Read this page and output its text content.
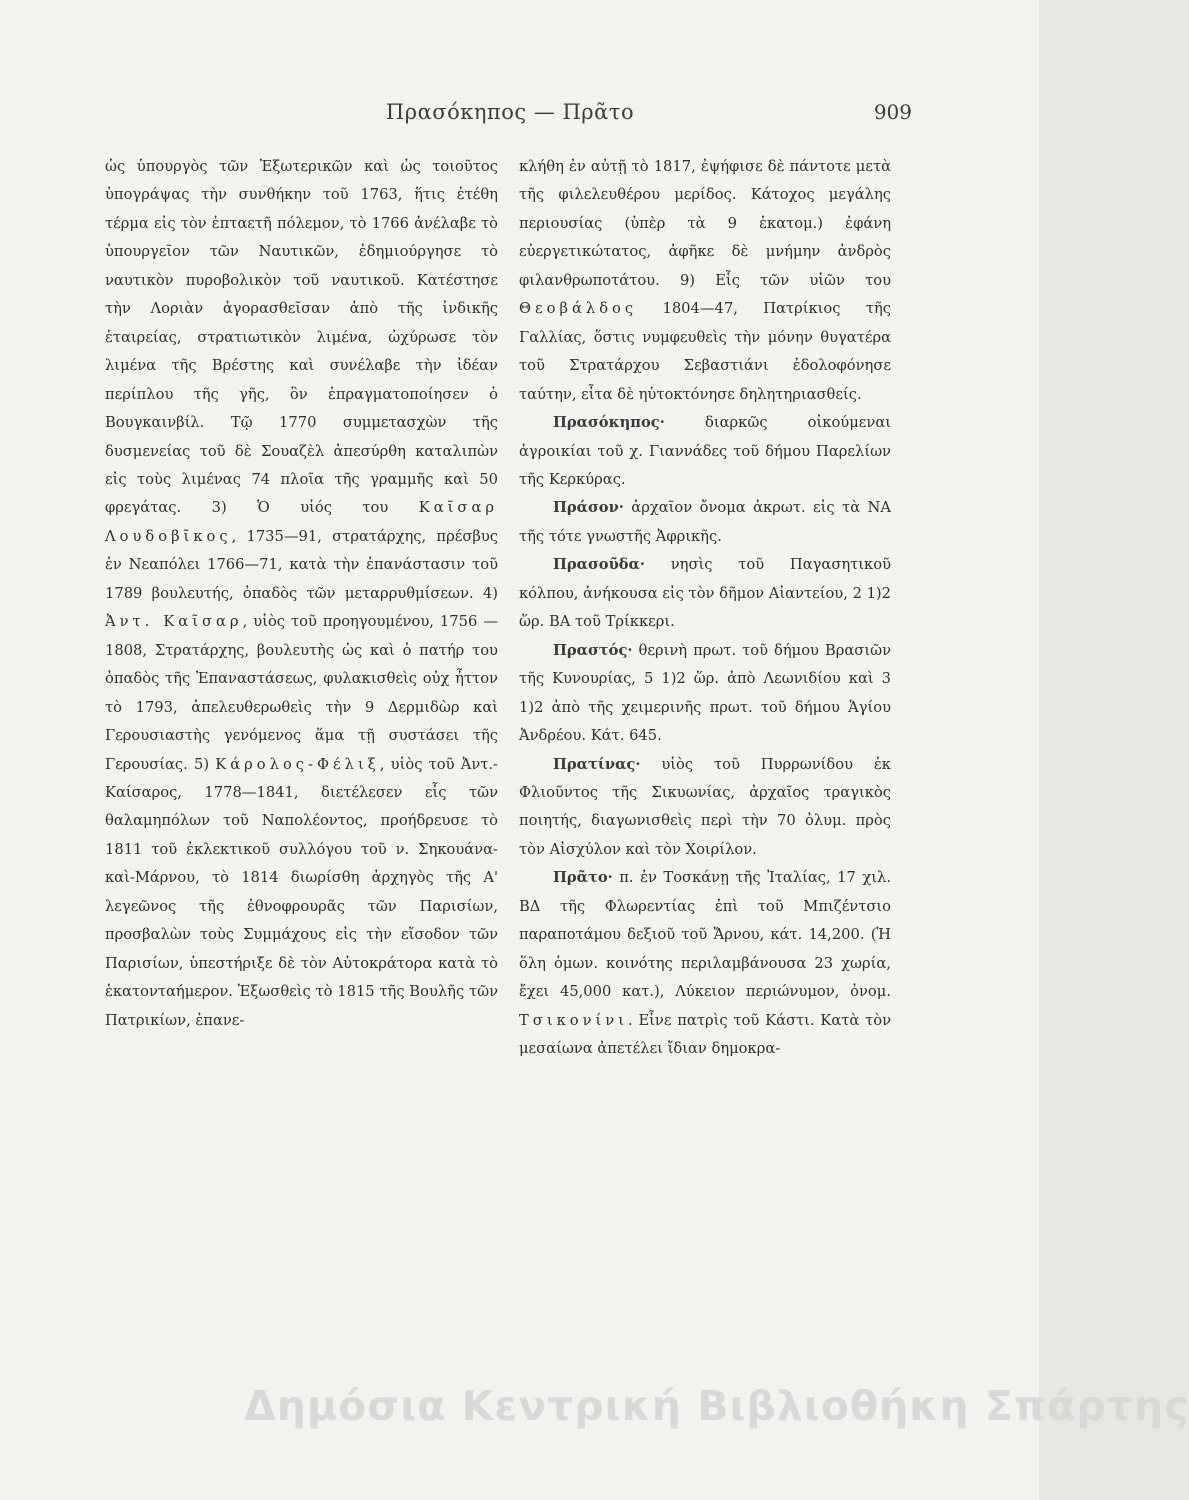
Πρασόκηπος — Πρᾶτο	909

ὡς ὑπουργὸς τῶν Ἐξωτερικῶν καὶ ὡς τοιοῦτος ὑπογράψας τὴν συνθήκην τοῦ 1763, ἥτις ἐτέθη τέρμα εἰς τὸν ἑπταετῆ πόλεμον, τὸ 1766 ἀνέλαβε τὸ ὑπουργεῖον τῶν Ναυτικῶν, ἐδημιούργησε τὸ ναυτικὸν πυροβολικὸν τοῦ ναυτικοῦ. Κατέστησε τὴν Λοριὰν ἀγορασθεῖσαν ἀπὸ τῆς ἰνδικῆς ἑταιρείας, στρατιωτικὸν λιμένα, ὠχύρωσε τὸν λιμένα τῆς Βρέστης καὶ συνέλαβε τὴν ἰδέαν περίπλου τῆς γῆς, ὃν ἐπραγματοποίησεν ὁ Βουγκαινβίλ. Τῷ 1770 συμμετασχὼν τῆς δυσμενείας τοῦ δὲ Σουαζὲλ ἀπεσύρθη καταλιπὼν εἰς τοὺς λιμένας 74 πλοῖα τῆς γραμμῆς καὶ 50 φρεγάτας. 3) Ὁ υἱός του Καῖσαρ Λουδοβῖκος, 1735—91, στρατάρχης, πρέσβυς ἐν Νεαπόλει 1766—71, κατὰ τὴν ἐπανάστασιν τοῦ 1789 βουλευτής, ὀπαδὸς τῶν μεταρρυθμίσεων. 4) Ἀντ. Καῖσαρ, υἱὸς τοῦ προηγουμένου, 1756 — 1808, Στρατάρχης, βουλευτὴς ὡς καὶ ὁ πατήρ του ὀπαδὸς τῆς Ἐπαναστάσεως, φυλακισθεὶς οὐχ ἧττον τὸ 1793, ἀπελευθερωθεὶς τὴν 9 Δερμιδὼρ καὶ Γερουσιαστὴς γενόμενος ἅμα τῇ συστάσει τῆς Γερουσίας. 5) Κάρολος-Φέλιξ, υἱὸς τοῦ Ἀντ.-Καίσαρος, 1778—1841, διετέλεσεν εἷς τῶν θαλαμηπόλων τοῦ Ναπολέοντος, προήδρευσε τὸ 1811 τοῦ ἐκλεκτικοῦ συλλόγου τοῦ ν. Σηκουάνα-καὶ-Μάρνου, τὸ 1814 διωρίσθη ἀρχηγὸς τῆς Α' λεγεῶνος τῆς ἐθνοφρουρᾶς τῶν Παρισίων, προσβαλὼν τοὺς Συμμάχους εἰς τὴν εἴσοδον τῶν Παρισίων, ὑπεστήριξε δὲ τὸν Αὐτοκράτορα κατὰ τὸ ἑκατονταήμερον. Ἐξωσθεὶς τὸ 1815 τῆς Βουλῆς τῶν Πατρικίων, ἐπανε-

κλήθη ἐν αὐτῇ τὸ 1817, ἐψήφισε δὲ πάντοτε μετὰ τῆς φιλελευθέρου μερίδος. Κάτοχος μεγάλης περιουσίας (ὑπὲρ τὰ 9 ἑκατομ.) ἐφάνη εὐεργετικώτατος, ἀφῆκε δὲ μνήμην ἀνδρὸς φιλανθρωποτάτου. 9) Εἷς τῶν υἱῶν του Θεοβάλδος 1804—47, Πατρίκιος τῆς Γαλλίας, ὅστις νυμφευθεὶς τὴν μόνην θυγατέρα τοῦ Στρατάρχου Σεβαστιάνι ἐδολοφόνησε ταύτην, εἶτα δὲ ηὐτοκτόνησε δηλητηριασθείς.

Πρασόκηπος· διαρκῶς οἰκούμεναι ἀγροικίαι τοῦ χ. Γιαννάδες τοῦ δήμου Παρελίων τῆς Κερκύρας.

Πράσον· ἀρχαῖον ὄνομα ἀκρωτ. εἰς τὰ ΝΑ τῆς τότε γνωστῆς Ἀφρικῆς.

Πρασοῦδα· νησὶς τοῦ Παγασητικοῦ κόλπου, ἀνήκουσα εἰς τὸν δῆμον Αἰαντείου, 2 1)2 ὥρ. ΒΑ τοῦ Τρίκκερι.

Πραστός· θερινὴ πρωτ. τοῦ δήμου Βρασιῶν τῆς Κυνουρίας, 5 1)2 ὥρ. ἀπὸ Λεωνιδίου καὶ 3 1)2 ἀπὸ τῆς χειμερινῆς πρωτ. τοῦ δήμου Ἁγίου Ἀνδρέου. Κάτ. 645.

Πρατίνας· υἱὸς τοῦ Πυρρωνίδου ἐκ Φλιοῦντος τῆς Σικυωνίας, ἀρχαῖος τραγικὸς ποιητής, διαγωνισθεὶς περὶ τὴν 70 ὀλυμ. πρὸς τὸν Αἰσχύλον καὶ τὸν Χοιρίλον.

Πρᾶτο· π. ἐν Τοσκάνῃ τῆς Ἰταλίας, 17 χιλ. ΒΔ τῆς Φλωρεντίας ἐπὶ τοῦ Μπιζέντσιο παραποτάμου δεξιοῦ τοῦ Ἄρνου, κάτ. 14,200. (Ἡ ὅλη ὁμων. κοινότης περιλαμβάνουσα 23 χωρία, ἔχει 45,000 κατ.), Λύκειον περιώνυμον, ὀνομ. Τσικονίνι. Εἶνε πατρὶς τοῦ Κάστι. Κατὰ τὸν μεσαίωνα ἀπετέλει ἴδιαν δημοκρα-

Δημόσια Κεντρική Βιβλιοθήκη Σπάρτης
